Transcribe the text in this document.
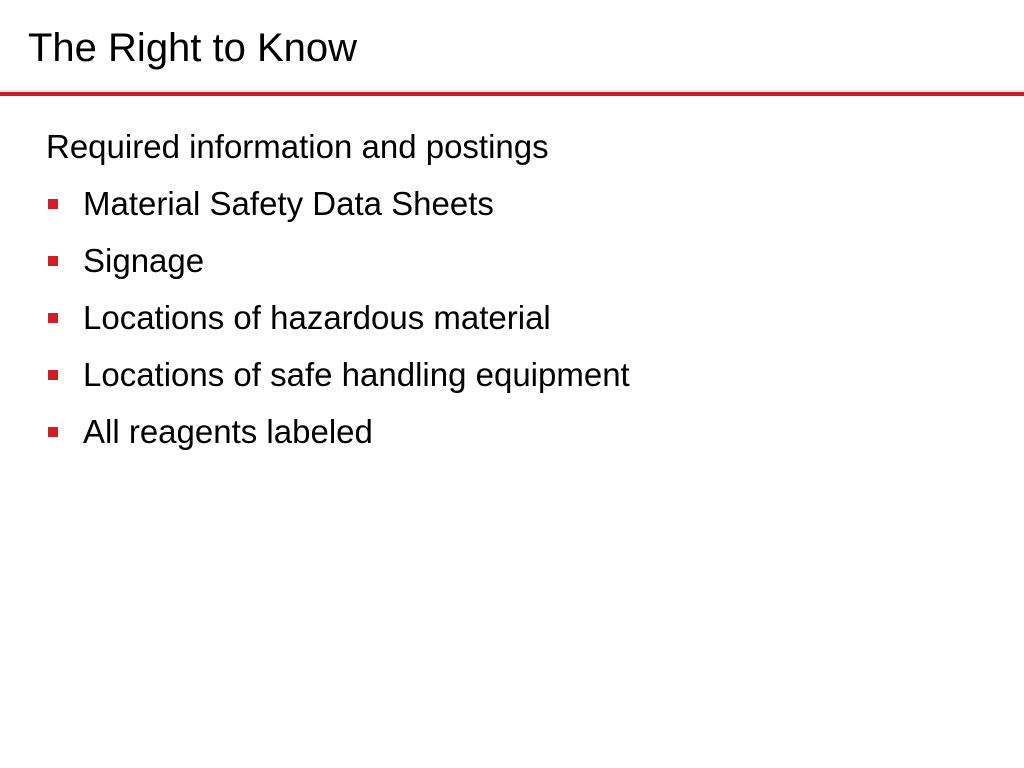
The Right to Know

Required information and postings

Material Safety Data Sheets
Signage
Locations of hazardous material
Locations of safe handling equipment
All reagents labeled
